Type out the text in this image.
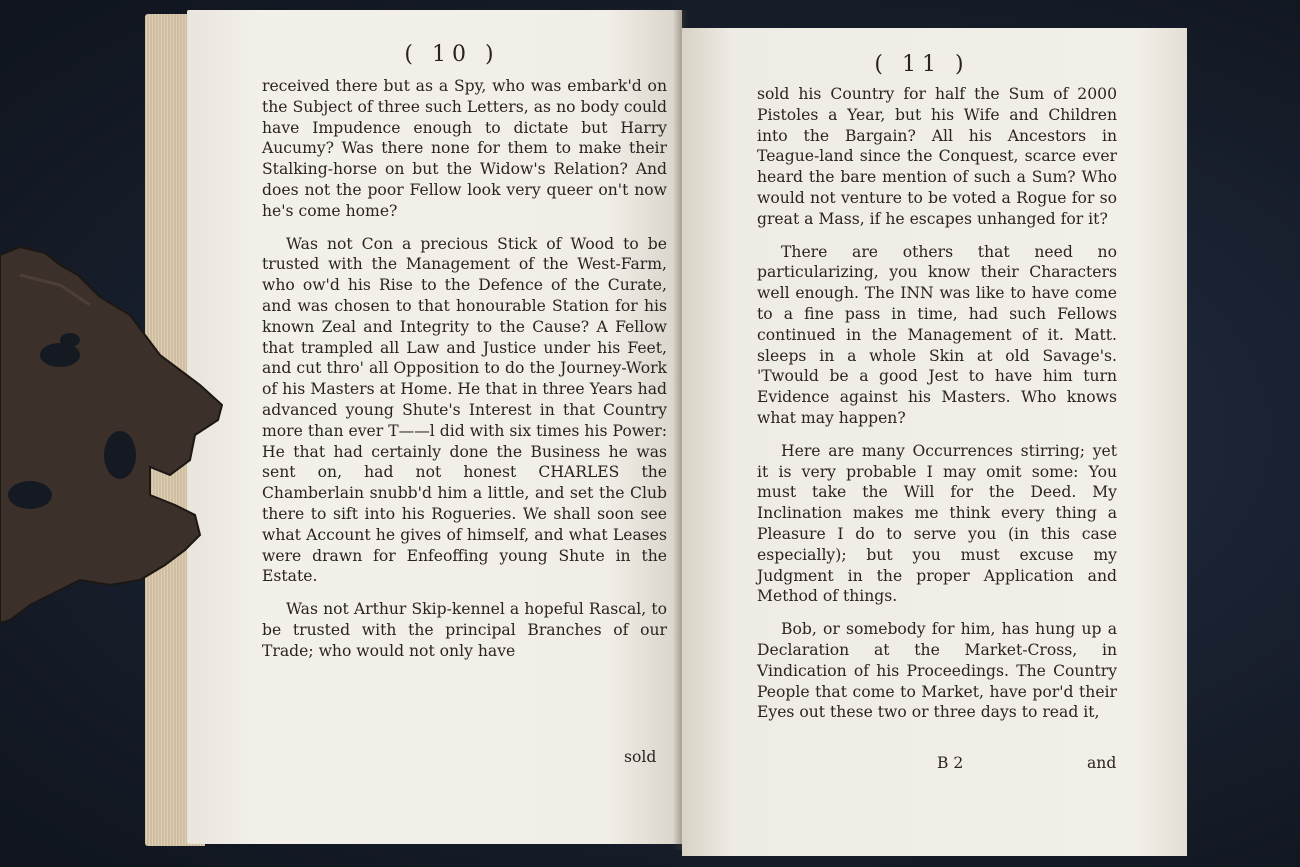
( 10 )

received there but as a Spy, who was embark'd on the Subject of three such Letters, as no body could have Impudence enough to dictate but Harry Aucumy? Was there none for them to make their Stalking-horse on but the Widow's Relation? And does not the poor Fellow look very queer on't now he's come home?

Was not Con a precious Stick of Wood to be trusted with the Management of the West-Farm, who ow'd his Rise to the Defence of the Curate, and was chosen to that honourable Station for his known Zeal and Integrity to the Cause? A Fellow that trampled all Law and Justice under his Feet, and cut thro' all Opposition to do the Journey-Work of his Masters at Home. He that in three Years had advanced young Shute's Interest in that Country more than ever T——l did with six times his Power: He that had certainly done the Business he was sent on, had not honest CHARLES the Chamberlain snubb'd him a little, and set the Club there to sift into his Rogueries. We shall soon see what Account he gives of himself, and what Leases were drawn for Enfeoffing young Shute in the Estate.

Was not Arthur Skip-kennel a hopeful Rascal, to be trusted with the principal Branches of our Trade; who would not only have

sold
( 11 )

sold his Country for half the Sum of 2000 Pistoles a Year, but his Wife and Children into the Bargain? All his Ancestors in Teague-land since the Conquest, scarce ever heard the bare mention of such a Sum? Who would not venture to be voted a Rogue for so great a Mass, if he escapes unhanged for it?

There are others that need no particularizing, you know their Characters well enough. The INN was like to have come to a fine pass in time, had such Fellows continued in the Management of it. Matt. sleeps in a whole Skin at old Savage's. 'Twould be a good Jest to have him turn Evidence against his Masters. Who knows what may happen?

Here are many Occurrences stirring; yet it is very probable I may omit some: You must take the Will for the Deed. My Inclination makes me think every thing a Pleasure I do to serve you (in this case especially); but you must excuse my Judgment in the proper Application and Method of things.

Bob, or somebody for him, has hung up a Declaration at the Market-Cross, in Vindication of his Proceedings. The Country People that come to Market, have por'd their Eyes out these two or three days to read it,

B 2	and
